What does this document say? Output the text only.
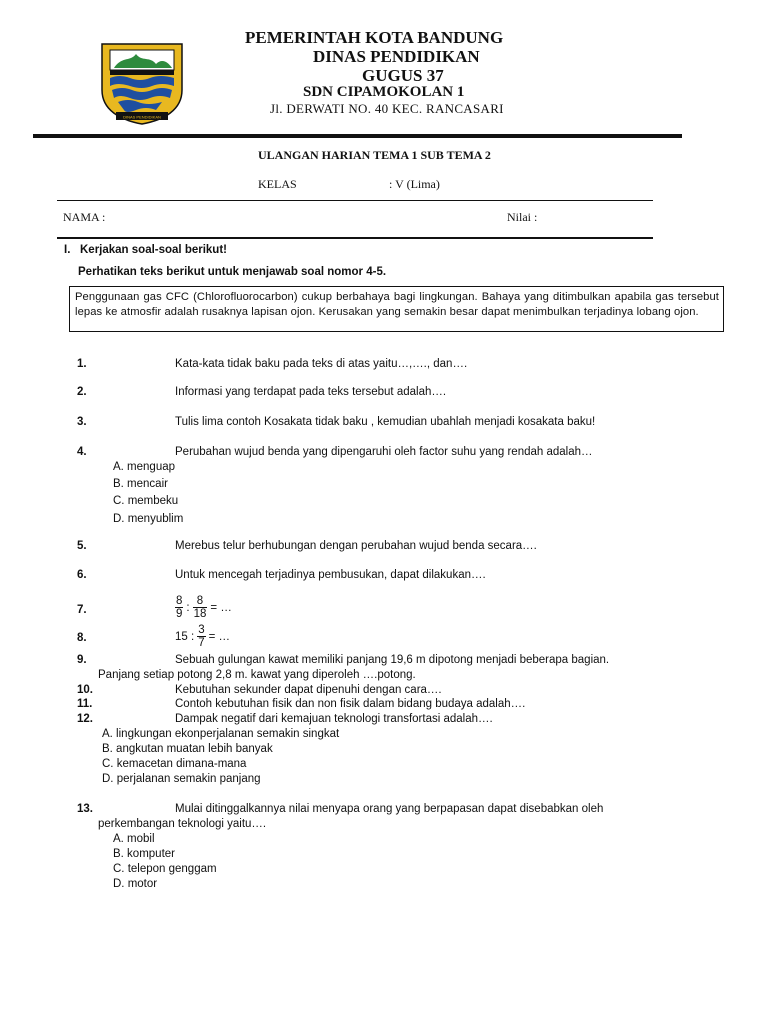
DINAS PENDIDIKAN
PEMERINTAH KOTA BANDUNG
DINAS PENDIDIKAN
GUGUS 37
SDN CIPAMOKOLAN 1
Jl. DERWATI NO. 40 KEC. RANCASARI
ULANGAN HARIAN TEMA 1 SUB TEMA 2
KELAS	: V (Lima)
NAMA :	Nilai :
I. Kerjakan soal-soal berikut!
Perhatikan teks berikut untuk menjawab soal nomor 4-5.
Penggunaan gas CFC (Chlorofluorocarbon) cukup berbahaya bagi lingkungan. Bahaya yang ditimbulkan apabila gas tersebut lepas ke atmosfir adalah rusaknya lapisan ojon. Kerusakan yang semakin besar dapat menimbulkan terjadinya lobang ojon.
1.	Kata-kata tidak baku pada teks di atas yaitu…,…., dan….
2.	Informasi yang terdapat pada teks tersebut adalah….
3.	Tulis lima contoh Kosakata tidak baku , kemudian ubahlah menjadi kosakata baku!
4.	Perubahan wujud benda yang dipengaruhi oleh factor suhu yang rendah adalah…
A. menguap
B. mencair
C. membeku
D. menyublim
5.	Merebus telur berhubungan dengan perubahan wujud benda secara….
6.	Untuk mencegah terjadinya pembusukan, dapat dilakukan….
7.	$\frac{8}{9}$ : $\frac{8}{18}$ = …
8.	15 : $\frac{3}{7}$ = …
9.	Sebuah gulungan kawat memiliki panjang 19,6 m dipotong menjadi beberapa bagian.
Panjang setiap potong 2,8 m. kawat yang diperoleh ….potong.
10.	Kebutuhan sekunder dapat dipenuhi dengan cara….
11.	Contoh kebutuhan fisik dan non fisik dalam bidang budaya adalah….
12.	Dampak negatif dari kemajuan teknologi transfortasi adalah….
A. lingkungan ekonperjalanan semakin singkat
B. angkutan muatan lebih banyak
C. kemacetan dimana-mana
D. perjalanan semakin panjang
13.	Mulai ditinggalkannya nilai menyapa orang yang berpapasan dapat disebabkan oleh
perkembangan teknologi yaitu….
A. mobil
B. komputer
C. telepon genggam
D. motor
